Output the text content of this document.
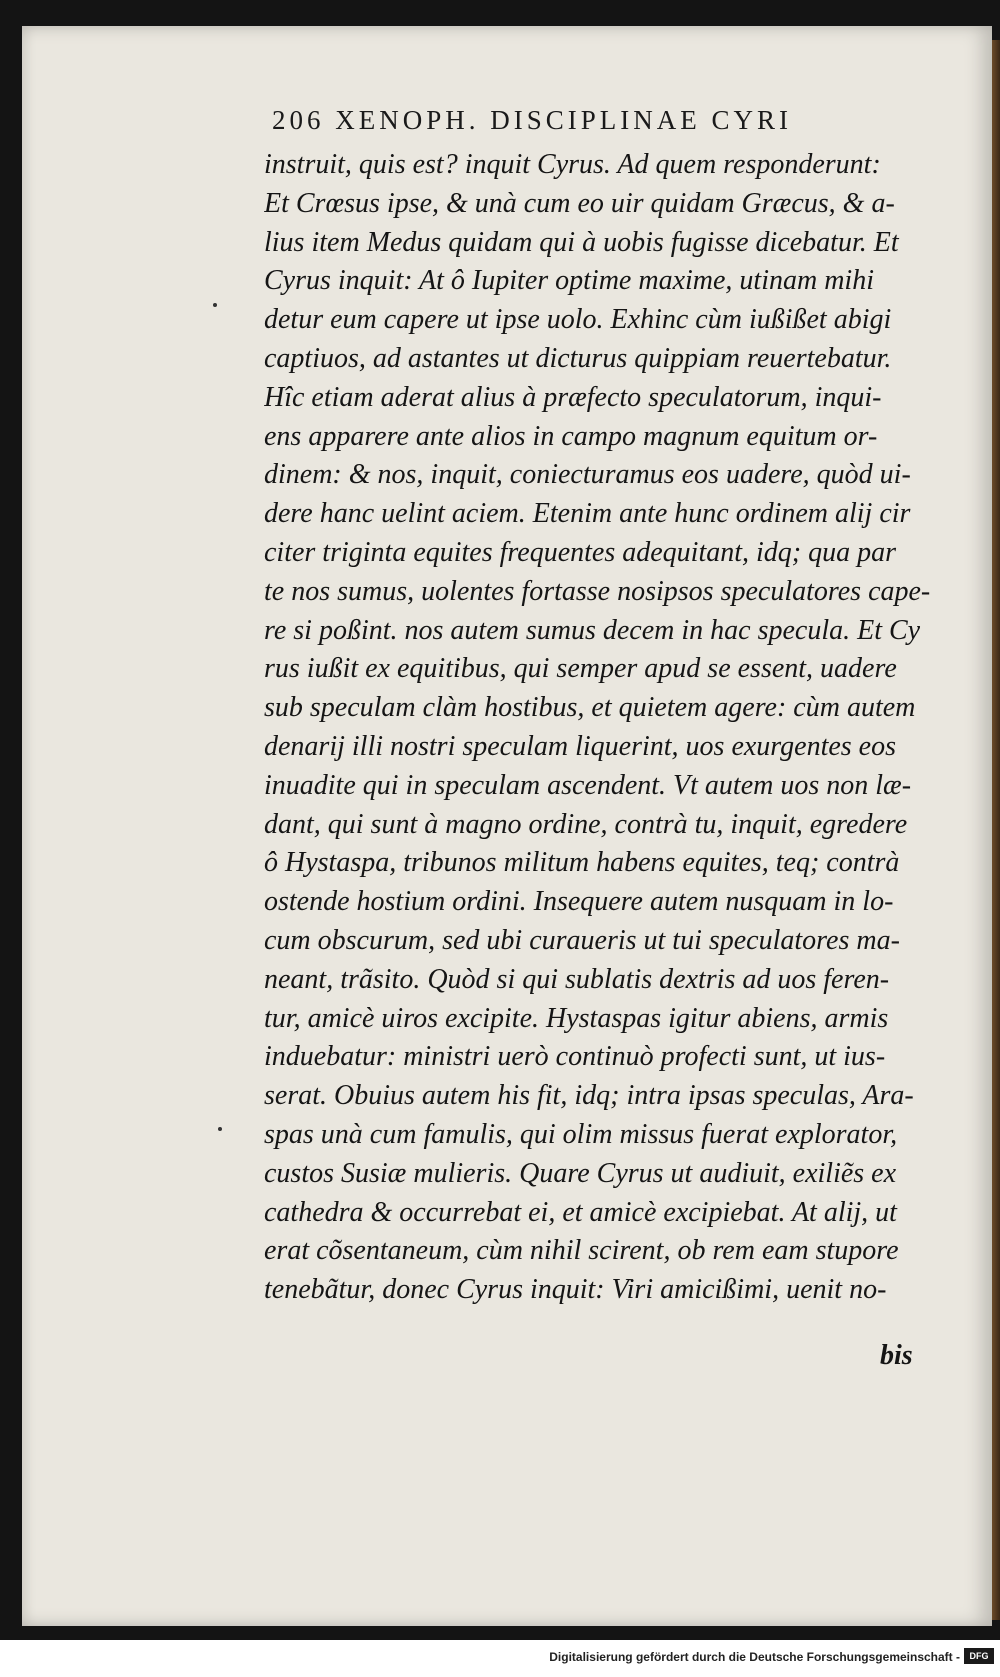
206 XENOPH. DISCIPLINAE CYRI
instruit, quis est? inquit Cyrus. Ad quem responderunt:
Et Crœsus ipse, & unà cum eo uir quidam Græcus, & a-
lius item Medus quidam qui à uobis fugisse dicebatur. Et
Cyrus inquit: At ô Iupiter optime maxime, utinam mihi
detur eum capere ut ipse uolo. Exhinc cùm iußißet abigi
captiuos, ad astantes ut dicturus quippiam reuertebatur.
Hîc etiam aderat alius à præfecto speculatorum, inqui-
ens apparere ante alios in campo magnum equitum or-
dinem: & nos, inquit, coniecturamus eos uadere, quòd ui-
dere hanc uelint aciem. Etenim ante hunc ordinem alij cir
citer triginta equites frequentes adequitant, idq; qua par
te nos sumus, uolentes fortasse nosipsos speculatores cape-
re si poßint. nos autem sumus decem in hac specula. Et Cy
rus iußit ex equitibus, qui semper apud se essent, uadere
sub speculam clàm hostibus, et quietem agere: cùm autem
denarij illi nostri speculam liquerint, uos exurgentes eos
inuadite qui in speculam ascendent. Vt autem uos non læ-
dant, qui sunt à magno ordine, contrà tu, inquit, egredere
ô Hystaspa, tribunos militum habens equites, teq; contrà
ostende hostium ordini. Insequere autem nusquam in lo-
cum obscurum, sed ubi curaueris ut tui speculatores ma-
neant, trãsito. Quòd si qui sublatis dextris ad uos feren-
tur, amicè uiros excipite. Hystaspas igitur abiens, armis
induebatur: ministri uerò continuò profecti sunt, ut ius-
serat. Obuius autem his fit, idq; intra ipsas speculas, Ara-
spas unà cum famulis, qui olim missus fuerat explorator,
custos Susiæ mulieris. Quare Cyrus ut audiuit, exiliẽs ex
cathedra & occurrebat ei, et amicè excipiebat. At alij, ut
erat cõsentaneum, cùm nihil scirent, ob rem eam stupore
tenebãtur, donec Cyrus inquit: Viri amicißimi, uenit no-
bis
Digitalisierung gefördert durch die Deutsche Forschungsgemeinschaft -	DFG
